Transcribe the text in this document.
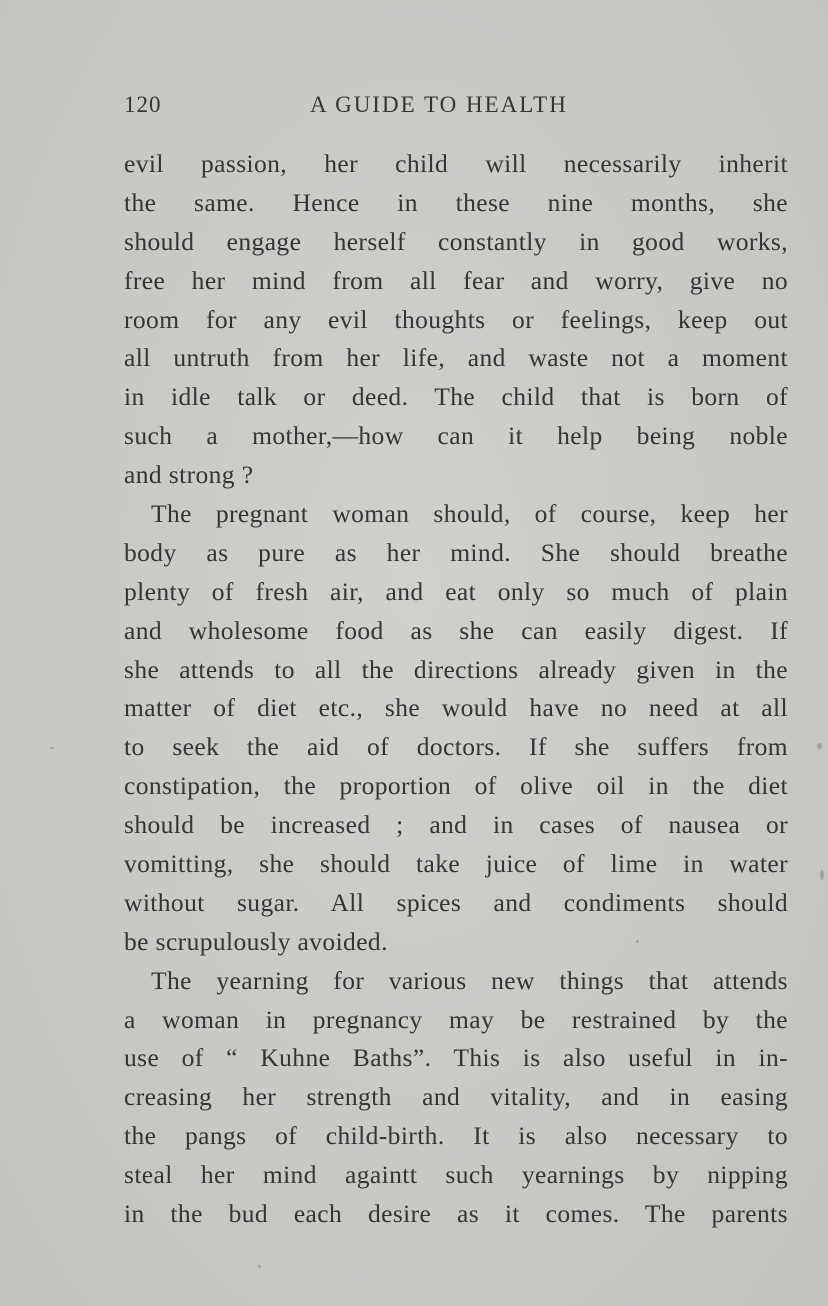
120	A GUIDE TO HEALTH
evil passion, her child will necessarily inherit
the same. Hence in these nine months, she
should engage herself constantly in good works,
free her mind from all fear and worry, give no
room for any evil thoughts or feelings, keep out
all untruth from her life, and waste not a moment
in idle talk or deed. The child that is born of
such a mother,—how can it help being noble
and strong ?
The pregnant woman should, of course, keep her
body as pure as her mind. She should breathe
plenty of fresh air, and eat only so much of plain
and wholesome food as she can easily digest. If
she attends to all the directions already given in the
matter of diet etc., she would have no need at all
to seek the aid of doctors. If she suffers from
constipation, the proportion of olive oil in the diet
should be increased ; and in cases of nausea or
vomitting, she should take juice of lime in water
without sugar. All spices and condiments should
be scrupulously avoided.
The yearning for various new things that attends
a woman in pregnancy may be restrained by the
use of “ Kuhne Baths”. This is also useful in in-
creasing her strength and vitality, and in easing
the pangs of child-birth. It is also necessary to
steal her mind againtt such yearnings by nipping
in the bud each desire as it comes. The parents
